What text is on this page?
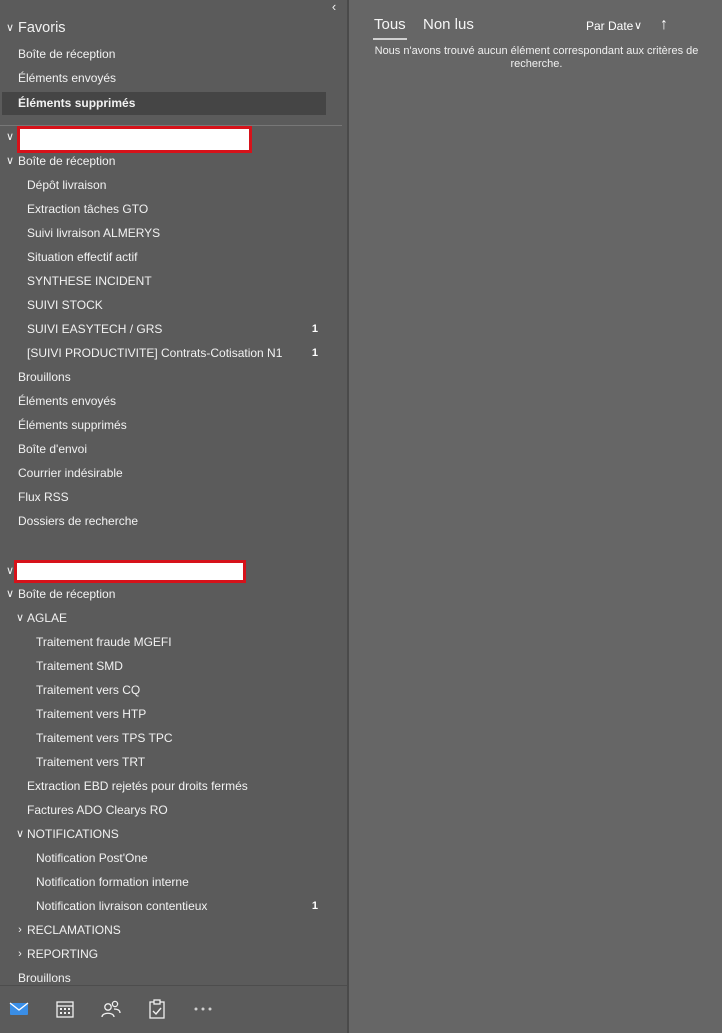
‹
∨ Favoris
Boîte de réception
Éléments envoyés
Éléments supprimés
∨
∨ Boîte de réception
Dépôt livraison
Extraction tâches GTO
Suivi livraison ALMERYS
Situation effectif actif
SYNTHESE INCIDENT
SUIVI STOCK
SUIVI EASYTECH / GRS	1
[SUIVI PRODUCTIVITE] Contrats-Cotisation N1	1
Brouillons
Éléments envoyés
Éléments supprimés
Boîte d'envoi
Courrier indésirable
Flux RSS
Dossiers de recherche
∨
∨ Boîte de réception
∨ AGLAE
Traitement fraude MGEFI
Traitement SMD
Traitement vers CQ
Traitement vers HTP
Traitement vers TPS TPC
Traitement vers TRT
Extraction EBD rejetés pour droits fermés
Factures ADO Clearys RO
∨ NOTIFICATIONS
Notification Post'One
Notification formation interne
Notification livraison contentieux	1
› RECLAMATIONS
› REPORTING
Brouillons
Tous Non lus	Par Date ∨ ↑
Nous n'avons trouvé aucun élément correspondant aux critères de recherche.
